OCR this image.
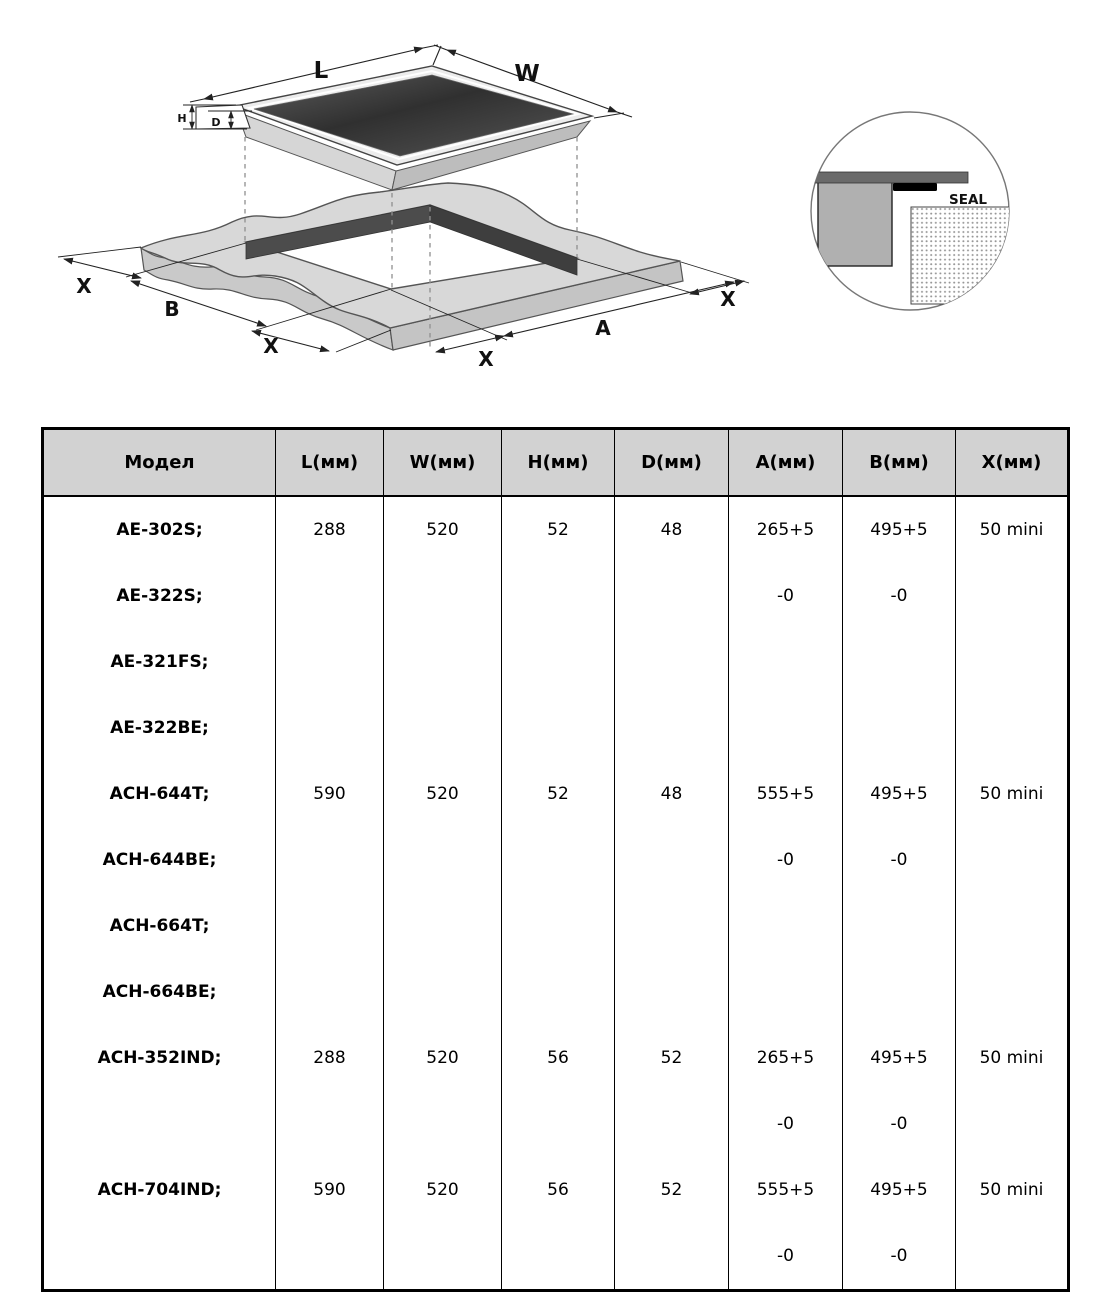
L	W
H D
X
B
X
X
A
X
SEAL
Модел	L(мм)	W(мм)	H(мм)	D(мм)	A(мм)	B(мм)	X(мм)
AE-302S;	288	520	52	48	265+5	495+5	50 mini
AE-322S;					-0	-0	
AE-321FS;							
AE-322BE;							
ACH-644T;	590	520	52	48	555+5	495+5	50 mini
ACH-644BE;					-0	-0	
ACH-664T;							
ACH-664BE;							
ACH-352IND;	288	520	56	52	265+5	495+5	50 mini
					-0	-0	
ACH-704IND;	590	520	56	52	555+5	495+5	50 mini
					-0	-0	
